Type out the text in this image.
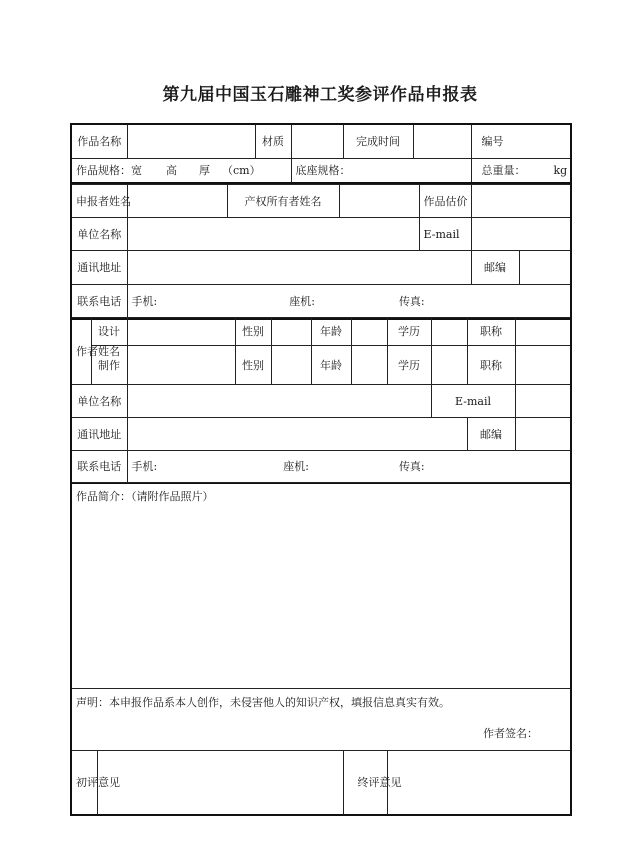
第九届中国玉石雕神工奖参评作品申报表
作品名称		材质		完成时间		编号
作品规格：宽 高 厚 （cm）			底座规格：			总重量： kg
申报者姓名		产权所有者姓名		作品估价		
单位名称				E-mail		
通讯地址					邮编	
联系电话	手机: 座机: 传真:					
作者姓名	设计		性别		年龄		学历		职称	
	制作		性别		年龄		学历		职称	
单位名称								E-mail		
通讯地址									邮编	
联系电话		手机: 座机: 传真:								
作品简介：（请附作品照片）

声明：本申报作品系本人创作，未侵害他人的知识产权，填报信息真实有效。
作者签名：

初评意见		终评意见	
